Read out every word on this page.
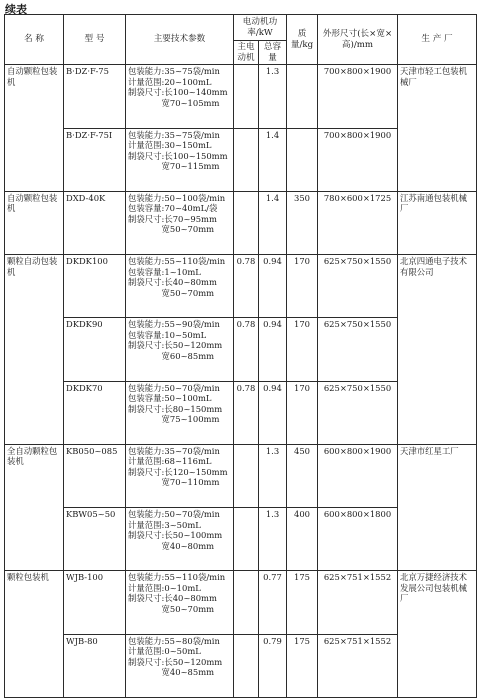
续表
名 称	型 号	主要技术参数	电动机功率/kW		质量/kg	外形尺寸(长×宽×高)/mm	生 产 厂
			主电动机	总容量			
自动颗粒包装机	B·DZ·F-75	包装能力:35~75袋/min
计量范围:20~100mL
制袋尺寸:长100~140mm
　　　　宽70~105mm		1.3		700×800×1900	天津市轻工包装机械厂
	B·DZ·F-75Ⅰ	包装能力:35~75袋/min
计量范围:30~150mL
制袋尺寸:长100~150mm
　　　　宽70~115mm		1.4		700×800×1900	
自动颗粒包装机	DXD-40K	包装能力:50~100袋/min
包装容量:70~40mL/袋
制袋尺寸:长70~95mm
　　　　宽50~70mm		1.4	350	780×600×1725	江苏南通包装机械厂
颗粒自动包装机	DKDK100	包装能力:55~110袋/min
包装容量:1~10mL
制袋尺寸:长40~80mm
　　　　宽50~70mm	0.78	0.94	170	625×750×1550	北京四通电子技术有限公司
	DKDK90	包装能力:55~90袋/min
包装容量:10~50mL
制袋尺寸:长50~120mm
　　　　宽60~85mm	0.78	0.94	170	625×750×1550	
	DKDK70	包装能力:50~70袋/min
包装容量:50~100mL
制袋尺寸:长80~150mm
　　　　宽75~100mm	0.78	0.94	170	625×750×1550	
全自动颗粒包装机	KB050~085	包装能力:35~70袋/min
计量范围:68~116mL
制袋尺寸:长120~150mm
　　　　宽70~110mm		1.3	450	600×800×1900	天津市红星工厂
	KBW05~50	包装能力:50~70袋/min
计量范围:3~50mL
制袋尺寸:长50~100mm
　　　　宽40~80mm		1.3	400	600×800×1800	
颗粒包装机	WJB-100	包装能力:55~110袋/min
计量范围:0~10mL
制袋尺寸:长40~80mm
　　　　宽50~70mm		0.77	175	625×751×1552	北京万捷经济技术发展公司包装机械厂
	WJB-80	包装能力:55~80袋/min
计量范围:0~50mL
制袋尺寸:长50~120mm
　　　　宽40~85mm		0.79	175	625×751×1552	
